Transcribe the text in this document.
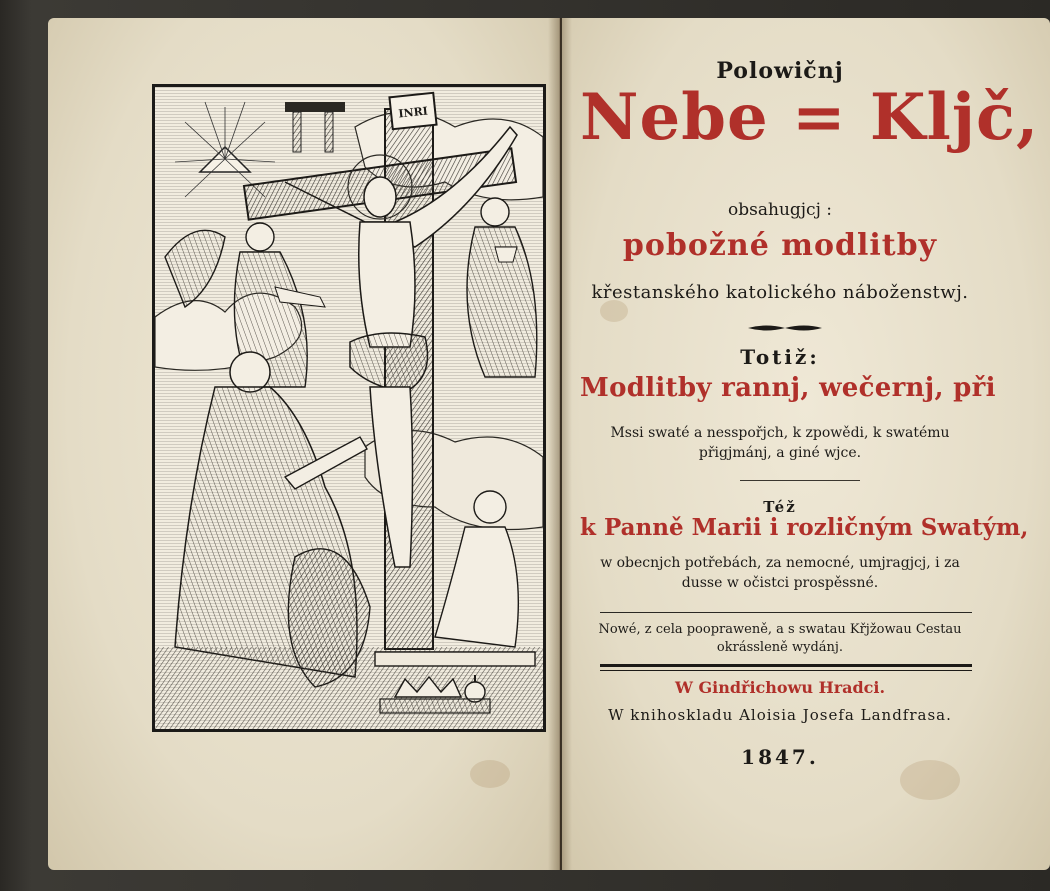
INRI
Polowičnj
Nebe = Kljč,
obsahugjcj :
pobožné modlitby
křestanského katolického náboženstwj.
Totiž:
Modlitby rannj, wečernj, při
Mssi swaté a nesspořjch, k zpowědi, k swatému
přigjmánj, a giné wjce.
Též
k Panně Marii i rozličným Swatým,
w obecnjch potřebách, za nemocné, umjragjcj, i za
dusse w očistci prospěssné.
Nowé, z cela poopraweně, a s swatau Křjžowau Cestau
okrássleně wydánj.
W Gindřichowu Hradci.
W knihoskladu Aloisia Josefa Landfrasa.
1847.
